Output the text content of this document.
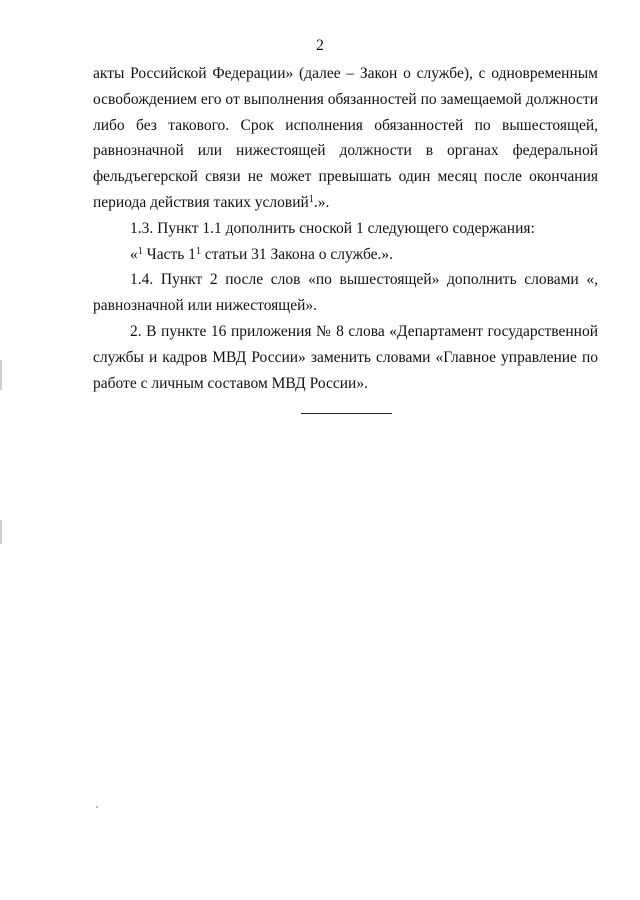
2

акты Российской Федерации» (далее – Закон о службе), с одновременным освобождением его от выполнения обязанностей по замещаемой должности либо без такового. Срок исполнения обязанностей по вышестоящей, равнозначной или нижестоящей должности в органах федеральной фельдъегерской связи не может превышать один месяц после окончания периода действия таких условий$^1$.».

1.3. Пункт 1.1 дополнить сноской 1 следующего содержания:

«$^1$ Часть $1^1$ статьи 31 Закона о службе.».

1.4. Пункт 2 после слов «по вышестоящей» дополнить словами «, равнозначной или нижестоящей».

2. В пункте 16 приложения № 8 слова «Департамент государственной службы и кадров МВД России» заменить словами «Главное управление по работе с личным составом МВД России».
